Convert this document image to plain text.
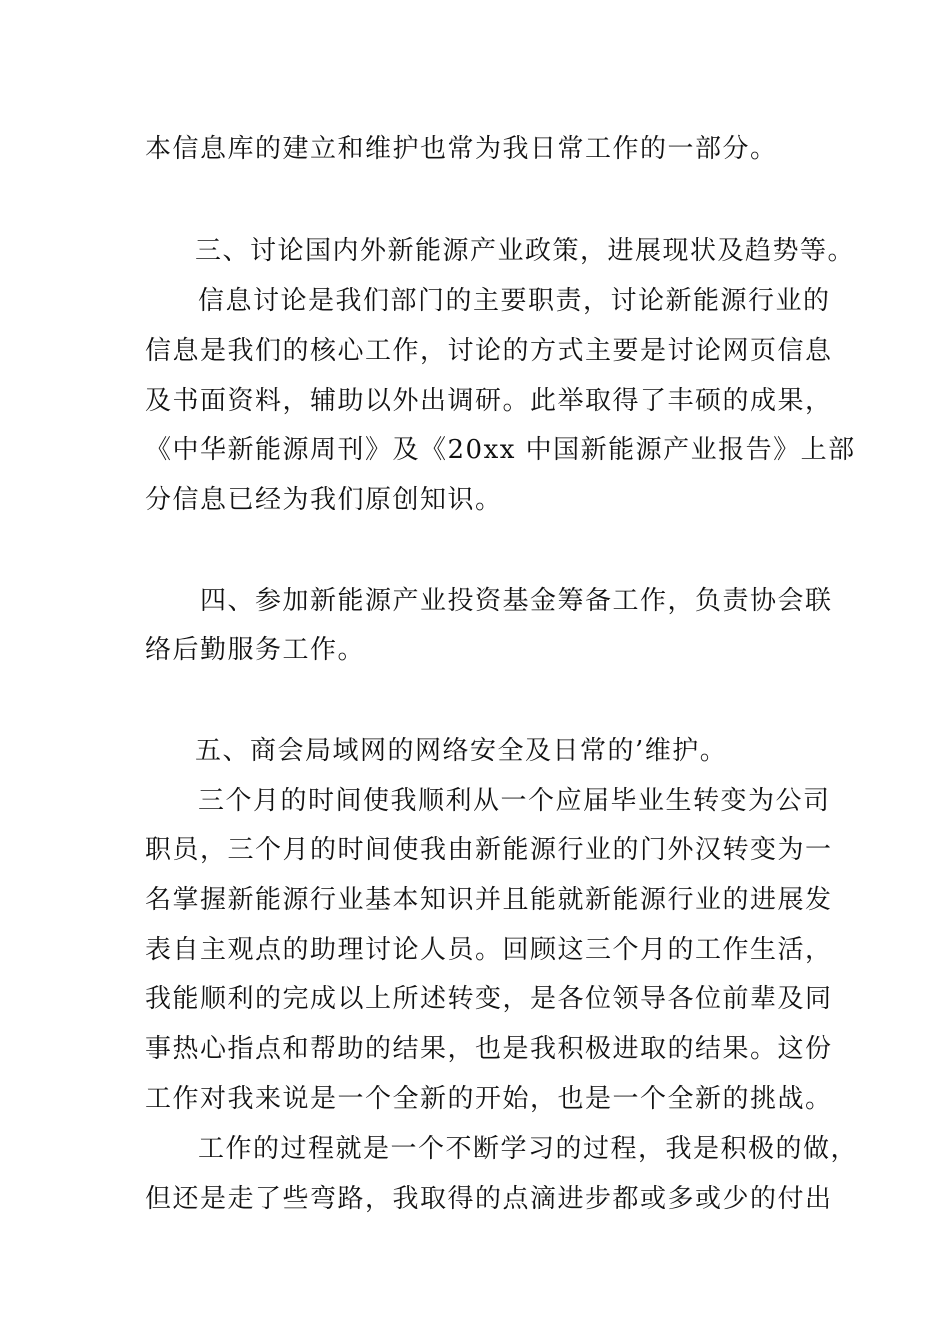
本信息库的建立和维护也常为我日常工作的一部分。
三、讨论国内外新能源产业政策，进展现状及趋势等。
信息讨论是我们部门的主要职责，讨论新能源行业的
信息是我们的核心工作，讨论的方式主要是讨论网页信息
及书面资料，辅助以外出调研。此举取得了丰硕的成果，
《中华新能源周刊》及《20xx 中国新能源产业报告》上部
分信息已经为我们原创知识。
四、参加新能源产业投资基金筹备工作，负责协会联
络后勤服务工作。
五、商会局域网的网络安全及日常的’维护。
三个月的时间使我顺利从一个应届毕业生转变为公司
职员，三个月的时间使我由新能源行业的门外汉转变为一
名掌握新能源行业基本知识并且能就新能源行业的进展发
表自主观点的助理讨论人员。回顾这三个月的工作生活，
我能顺利的完成以上所述转变，是各位领导各位前辈及同
事热心指点和帮助的结果，也是我积极进取的结果。这份
工作对我来说是一个全新的开始，也是一个全新的挑战。
工作的过程就是一个不断学习的过程，我是积极的做，
但还是走了些弯路，我取得的点滴进步都或多或少的付出
